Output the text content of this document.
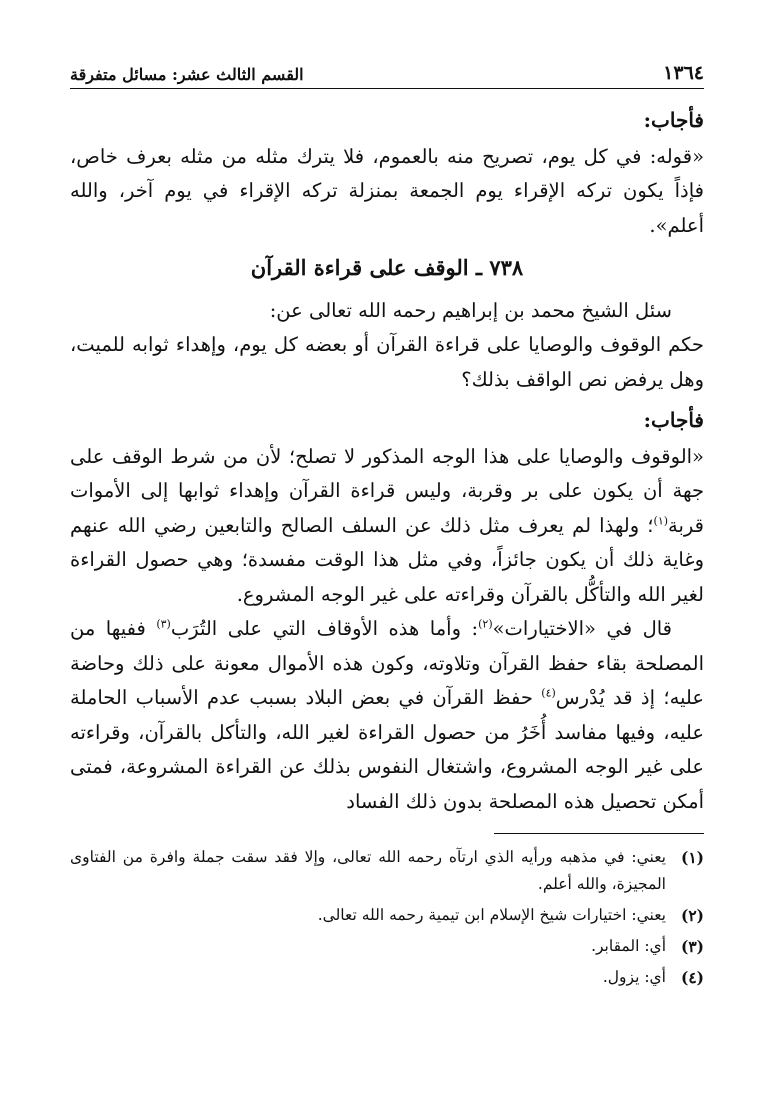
١٣٦٤
القسم الثالث عشر: مسائل متفرقة
فأجاب:

«قوله: في كل يوم، تصريح منه بالعموم، فلا يترك مثله من مثله بعرف خاص، فإذاً يكون تركه الإقراء يوم الجمعة بمنزلة تركه الإقراء في يوم آخر، والله أعلم».

٧٣٨ ـ الوقف على قراءة القرآن

سئل الشيخ محمد بن إبراهيم رحمه الله تعالى عن:

حكم الوقوف والوصايا على قراءة القرآن أو بعضه كل يوم، وإهداء ثوابه للميت، وهل يرفض نص الواقف بذلك؟

فأجاب:

«الوقوف والوصايا على هذا الوجه المذكور لا تصلح؛ لأن من شرط الوقف على جهة أن يكون على بر وقربة، وليس قراءة القرآن وإهداء ثوابها إلى الأموات قربة$^{(١)}$؛ ولهذا لم يعرف مثل ذلك عن السلف الصالح والتابعين رضي الله عنهم وغاية ذلك أن يكون جائزاً، وفي مثل هذا الوقت مفسدة؛ وهي حصول القراءة لغير الله والتأكُّل بالقرآن وقراءته على غير الوجه المشروع.

قال في «الاختيارات»$^{(٢)}$: وأما هذه الأوقاف التي على التُرَب$^{(٣)}$ ففيها من المصلحة بقاء حفظ القرآن وتلاوته، وكون هذه الأموال معونة على ذلك وحاضة عليه؛ إذ قد يُدْرس$^{(٤)}$ حفظ القرآن في بعض البلاد بسبب عدم الأسباب الحاملة عليه، وفيها مفاسد أُخَرُ من حصول القراءة لغير الله، والتأكل بالقرآن، وقراءته على غير الوجه المشروع، واشتغال النفوس بذلك عن القراءة المشروعة، فمتى أمكن تحصيل هذه المصلحة بدون ذلك الفساد

(١)
يعني: في مذهبه ورأيه الذي ارتآه رحمه الله تعالى، وإلا فقد سقت جملة وافرة من الفتاوى المجيزة، والله أعلم.
(٢)
يعني: اختيارات شيخ الإسلام ابن تيمية رحمه الله تعالى.
(٣)
أي: المقابر.
(٤)
أي: يزول.
